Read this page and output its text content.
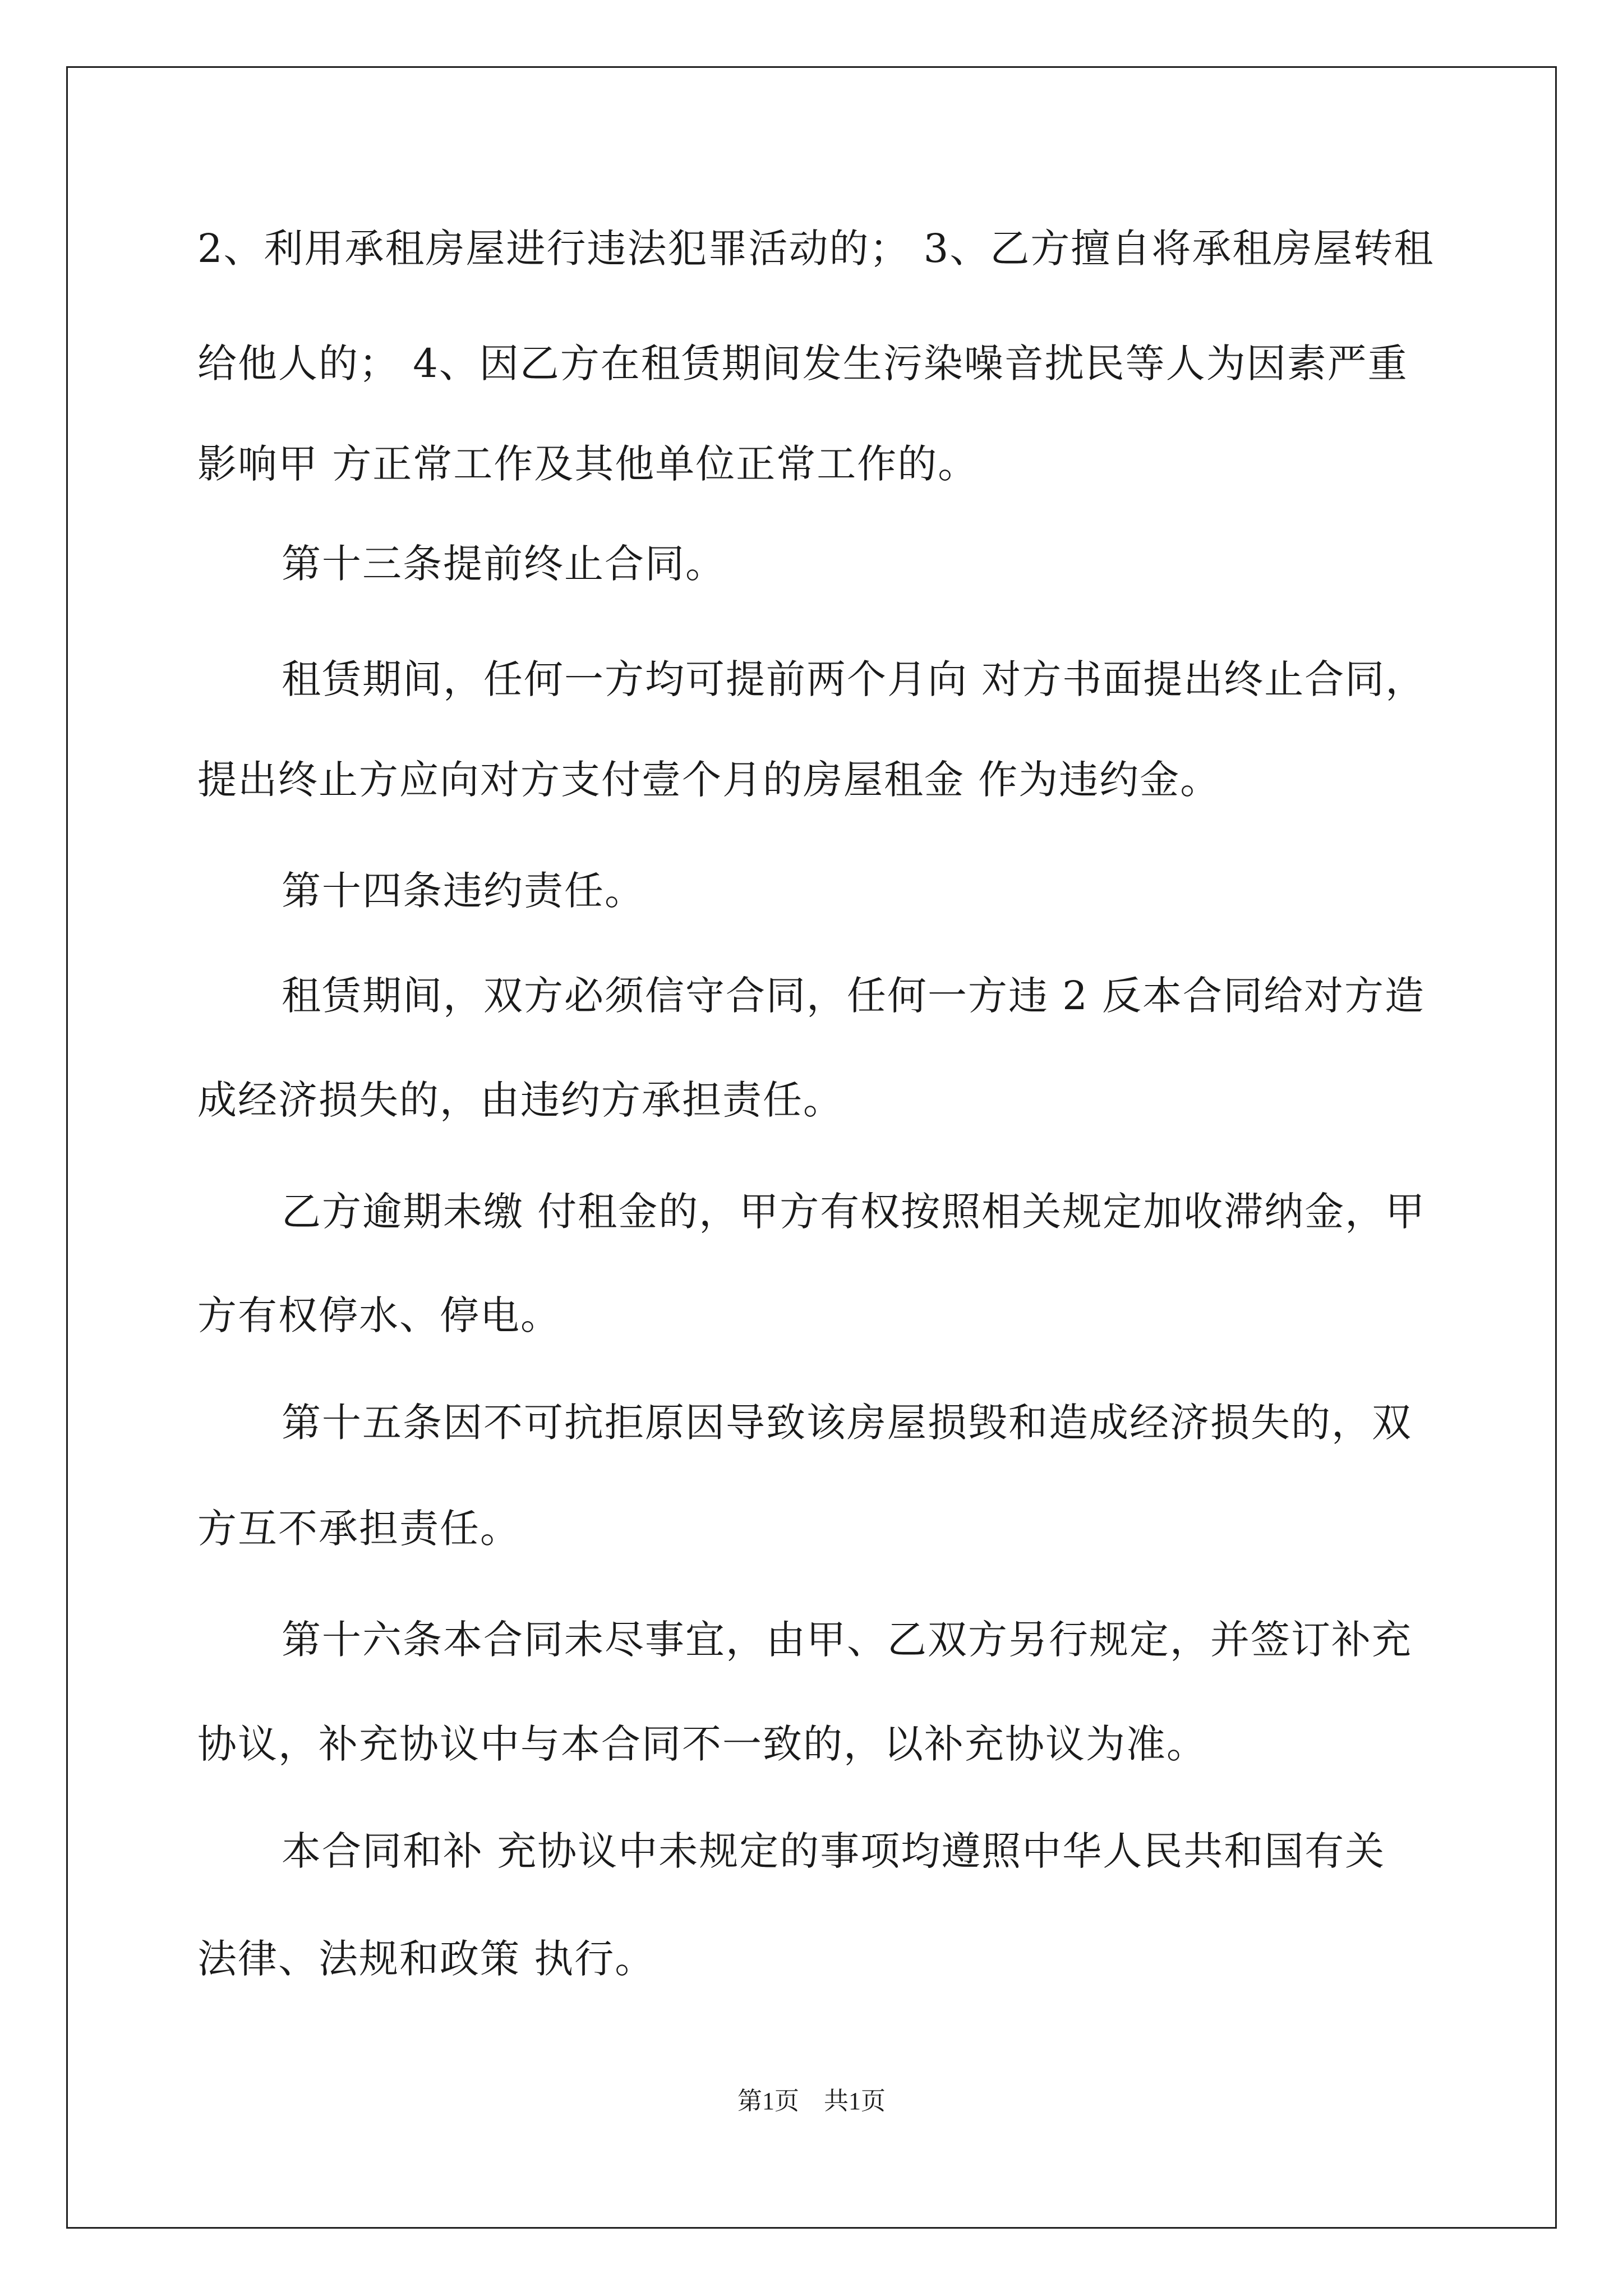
2、利用承租房屋进行违法犯罪活动的； 3、乙方擅自将承租房屋转租
给他人的； 4、因乙方在租赁期间发生污染噪音扰民等人为因素严重
影响甲 方正常工作及其他单位正常工作的。
第十三条提前终止合同。
租赁期间，任何一方均可提前两个月向 对方书面提出终止合同，
提出终止方应向对方支付壹个月的房屋租金 作为违约金。
第十四条违约责任。
租赁期间，双方必须信守合同，任何一方违 2 反本合同给对方造
成经济损失的，由违约方承担责任。
乙方逾期未缴 付租金的，甲方有权按照相关规定加收滞纳金，甲
方有权停水、停电。
第十五条因不可抗拒原因导致该房屋损毁和造成经济损失的，双
方互不承担责任。
第十六条本合同未尽事宜，由甲、乙双方另行规定，并签订补充
协议，补充协议中与本合同不一致的，以补充协议为准。
本合同和补 充协议中未规定的事项均遵照中华人民共和国有关
法律、法规和政策 执行。
第1页　共1页
